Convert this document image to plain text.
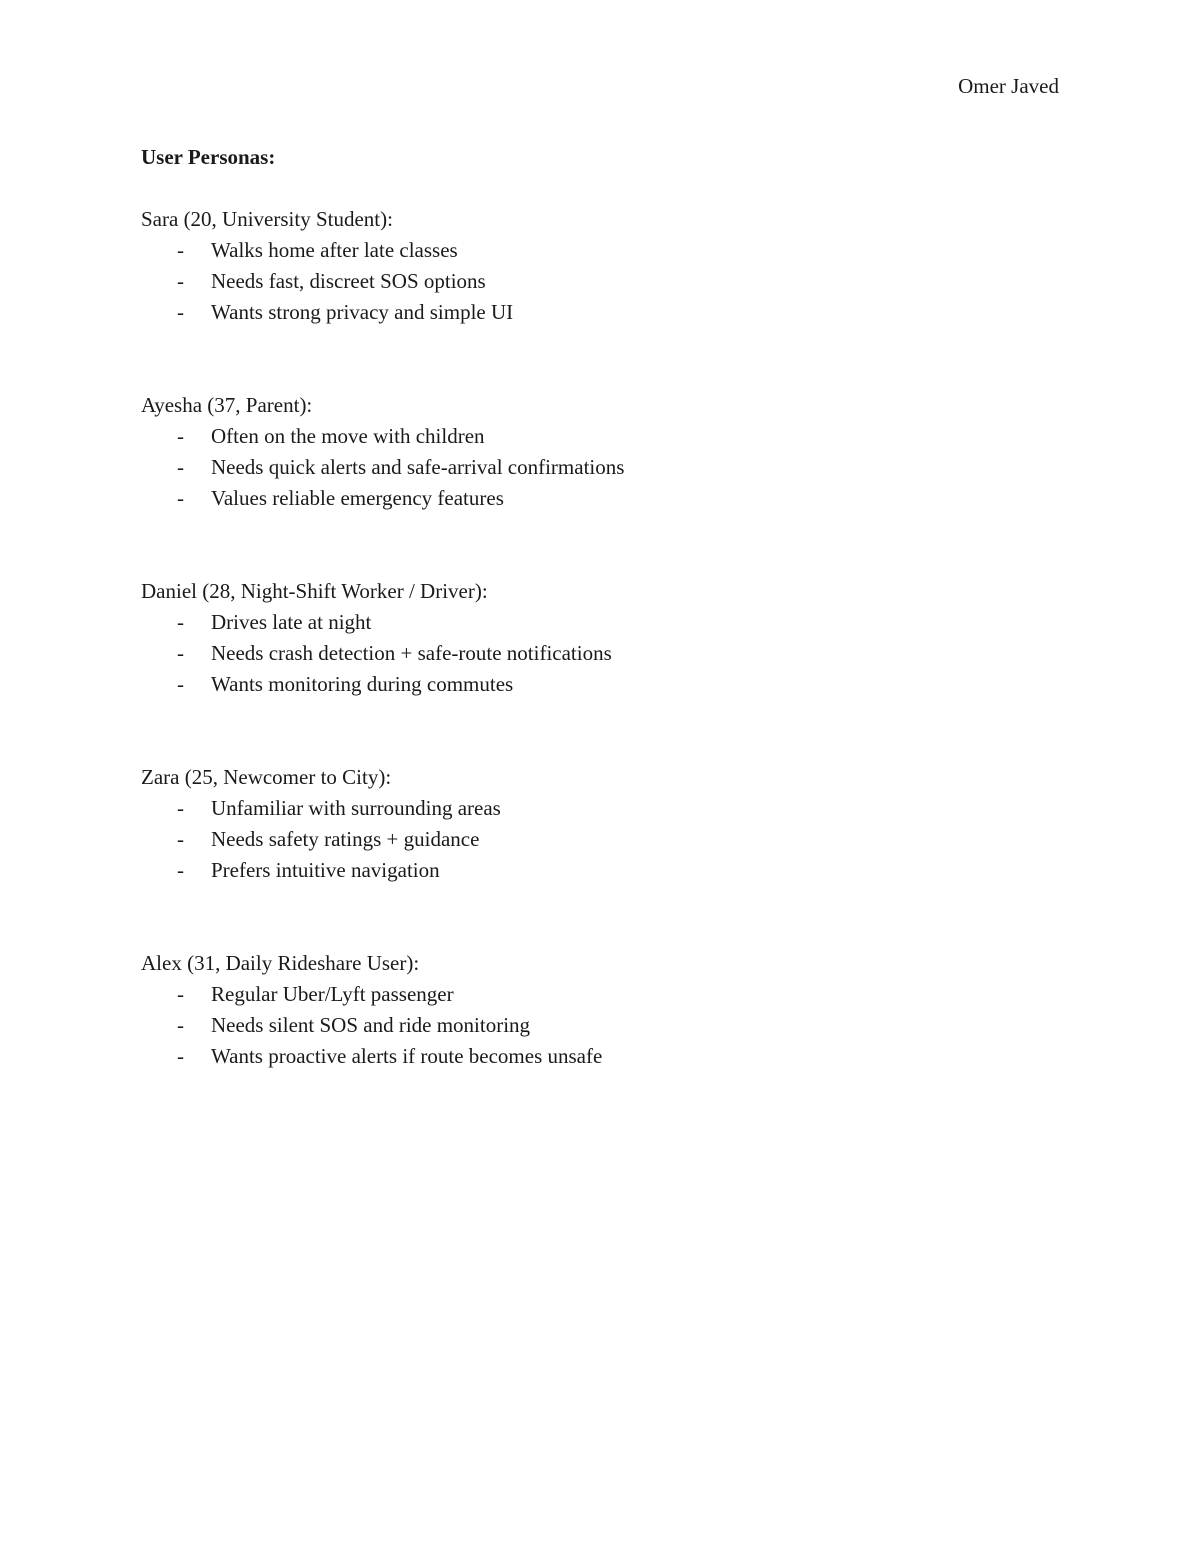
Omer Javed
User Personas:
Sara (20, University Student):
- Walks home after late classes
- Needs fast, discreet SOS options
- Wants strong privacy and simple UI
Ayesha (37, Parent):
- Often on the move with children
- Needs quick alerts and safe-arrival confirmations
- Values reliable emergency features
Daniel (28, Night-Shift Worker / Driver):
- Drives late at night
- Needs crash detection + safe-route notifications
- Wants monitoring during commutes
Zara (25, Newcomer to City):
- Unfamiliar with surrounding areas
- Needs safety ratings + guidance
- Prefers intuitive navigation
Alex (31, Daily Rideshare User):
- Regular Uber/Lyft passenger
- Needs silent SOS and ride monitoring
- Wants proactive alerts if route becomes unsafe
